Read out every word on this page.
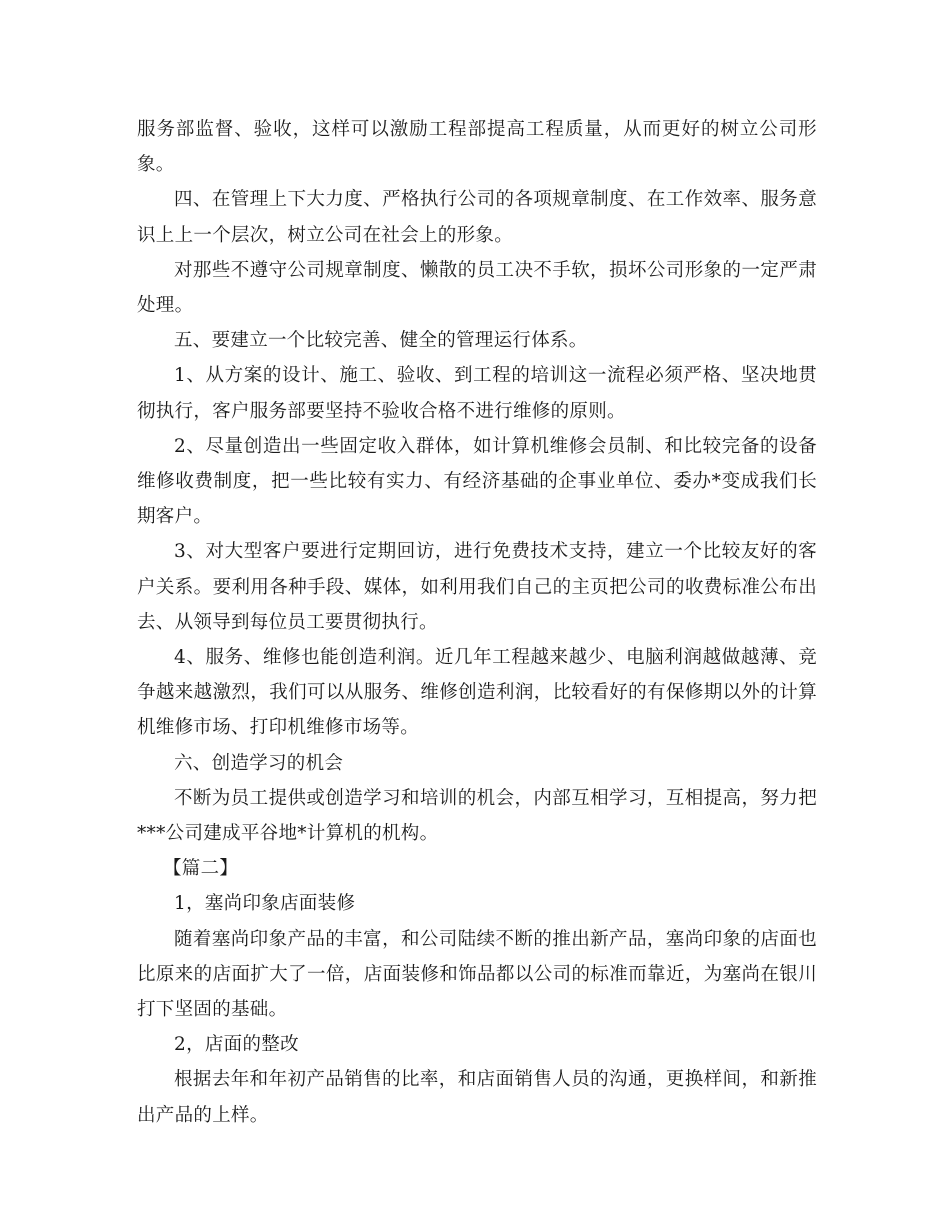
服务部监督、验收，这样可以激励工程部提高工程质量，从而更好的树立公司形象。

四、在管理上下大力度、严格执行公司的各项规章制度、在工作效率、服务意识上上一个层次，树立公司在社会上的形象。

对那些不遵守公司规章制度、懒散的员工决不手软，损坏公司形象的一定严肃处理。

五、要建立一个比较完善、健全的管理运行体系。

1、从方案的设计、施工、验收、到工程的培训这一流程必须严格、坚决地贯彻执行，客户服务部要坚持不验收合格不进行维修的原则。

2、尽量创造出一些固定收入群体，如计算机维修会员制、和比较完备的设备维修收费制度，把一些比较有实力、有经济基础的企事业单位、委办*变成我们长期客户。

3、对大型客户要进行定期回访，进行免费技术支持，建立一个比较友好的客户关系。要利用各种手段、媒体，如利用我们自己的主页把公司的收费标准公布出去、从领导到每位员工要贯彻执行。

4、服务、维修也能创造利润。近几年工程越来越少、电脑利润越做越薄、竞争越来越激烈，我们可以从服务、维修创造利润，比较看好的有保修期以外的计算机维修市场、打印机维修市场等。

六、创造学习的机会

不断为员工提供或创造学习和培训的机会，内部互相学习，互相提高，努力把***公司建成平谷地*计算机的机构。

【篇二】

1，塞尚印象店面装修

随着塞尚印象产品的丰富，和公司陆续不断的推出新产品，塞尚印象的店面也比原来的店面扩大了一倍，店面装修和饰品都以公司的标准而靠近，为塞尚在银川打下坚固的基础。

2，店面的整改

根据去年和年初产品销售的比率，和店面销售人员的沟通，更换样间，和新推出产品的上样。
